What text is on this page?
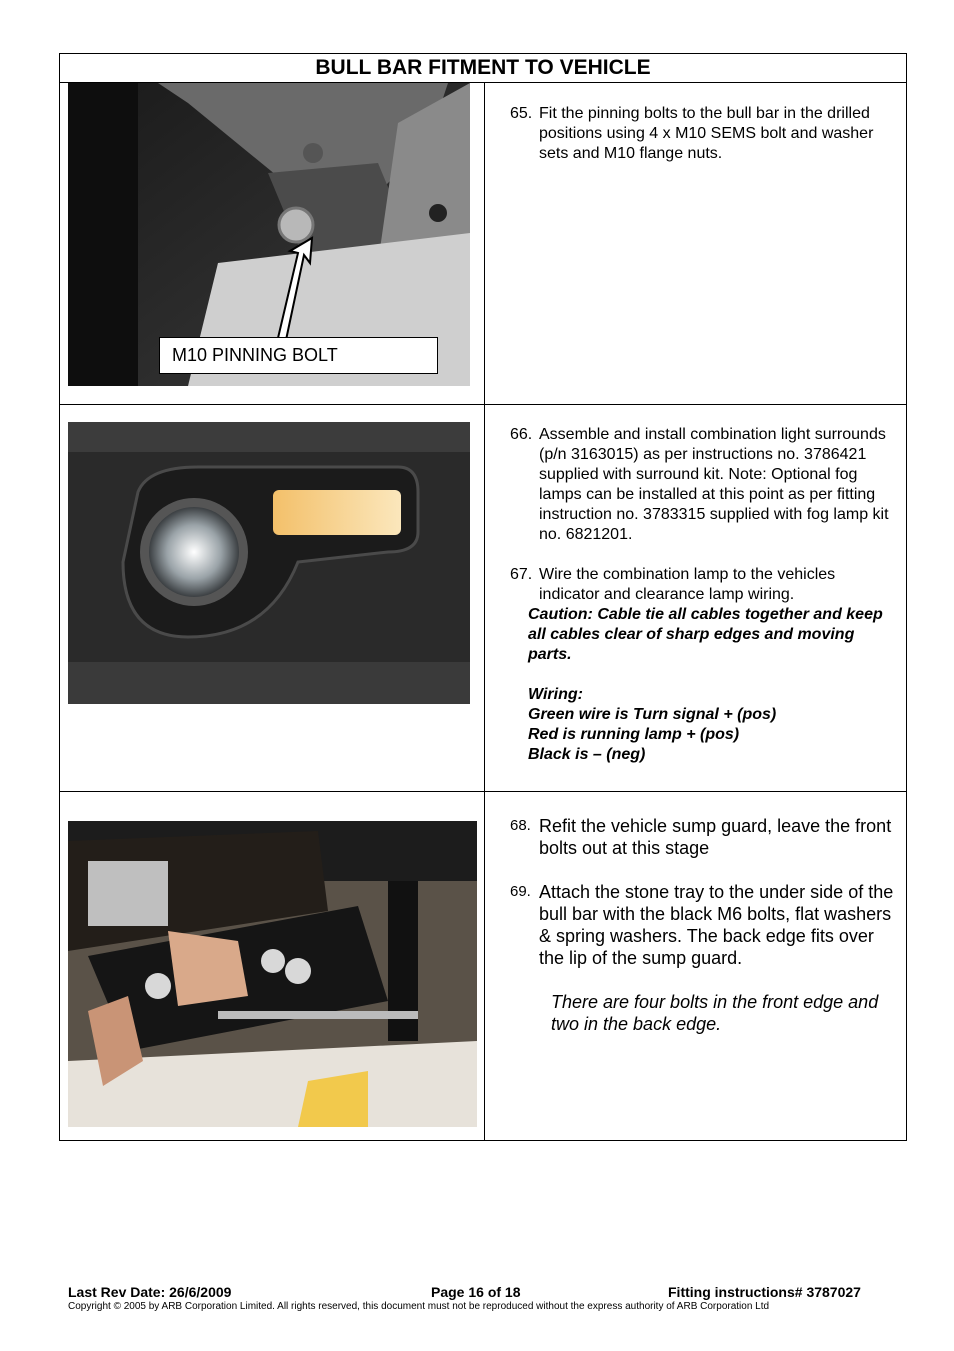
BULL BAR FITMENT TO VEHICLE
M10 PINNING BOLT
65. Fit the pinning bolts to the bull bar in the drilled positions using 4 x M10 SEMS bolt and washer sets and M10 flange nuts.
66. Assemble and install combination light surrounds (p/n 3163015) as per instructions no. 3786421 supplied with surround kit. Note: Optional fog lamps can be installed at this point as per fitting instruction no. 3783315 supplied with fog lamp kit no. 6821201.
67. Wire the combination lamp to the vehicles indicator and clearance lamp wiring.
Caution: Cable tie all cables together and keep all cables clear of sharp edges and moving parts.
Wiring:
Green wire is Turn signal + (pos)
Red is running lamp + (pos)
Black is – (neg)
68. Refit the vehicle sump guard, leave the front bolts out at this stage
69. Attach the stone tray to the under side of the bull bar with the black M6 bolts, flat washers & spring washers. The back edge fits over the lip of the sump guard.
There are four bolts in the front edge and two in the back edge.
Last Rev Date: 26/6/2009	Page 16 of 18	Fitting instructions# 3787027
Copyright © 2005 by ARB Corporation Limited. All rights reserved, this document must not be reproduced without the express authority of ARB Corporation Ltd
